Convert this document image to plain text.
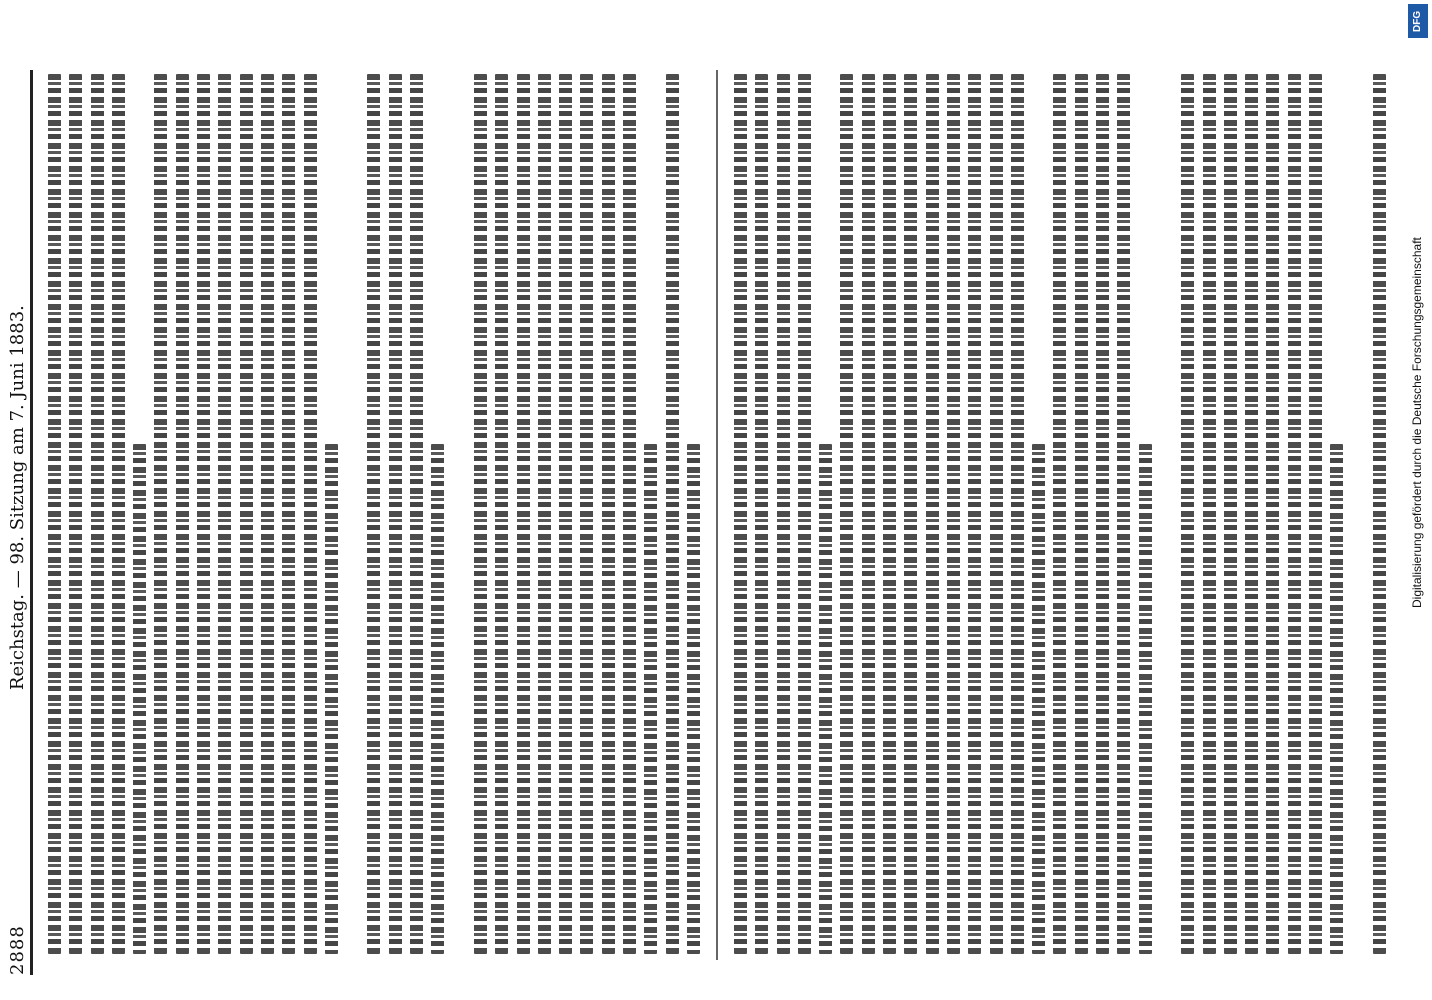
2888
Reichstag. — 98. Sitzung am 7. Juni 1883.
DFG
Digitalisierung gefördert durch die Deutsche Forschungsgemeinschaft
